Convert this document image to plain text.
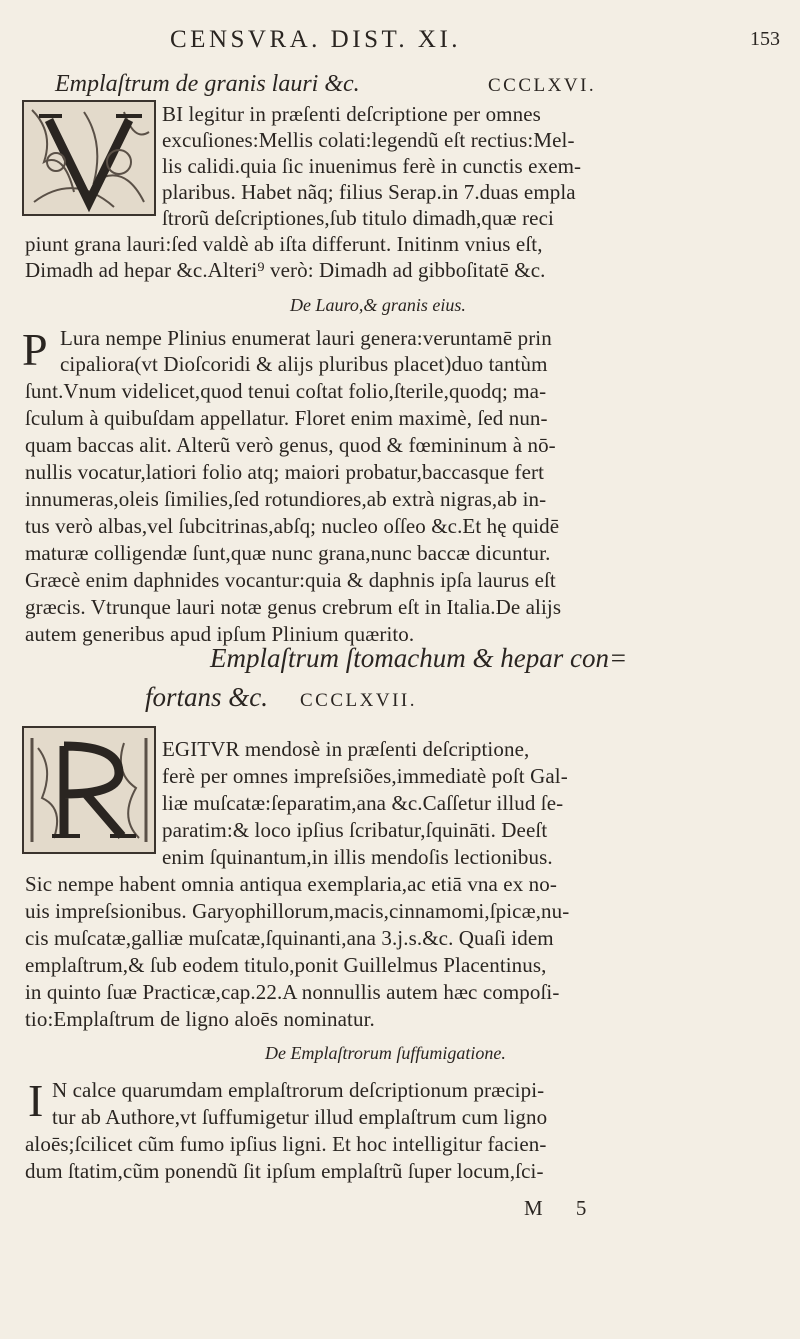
CENSVRA. DIST. XI.	153
Emplaſtrum de granis lauri &c.	CCCLXVI.
BI legitur in præſenti deſcriptione per omnes
excuſiones:Mellis colati:legendũ eſt rectius:Mel-
lis calidi.quia ſic inuenimus ferè in cunctis exem-
plaribus. Habet nãq; filius Serap.in 7.duas empla
ſtrorũ deſcriptiones,ſub titulo dimadh,quæ reci
piunt grana lauri:ſed valdè ab iſta differunt. Initinm vnius eſt,
Dimadh ad hepar &c.Alteri⁹ verò: Dimadh ad gibboſitatē &c.
De Lauro,& granis eius.
P Lura nempe Plinius enumerat lauri genera:veruntamē prin
cipaliora(vt Dioſcoridi & alijs pluribus placet)duo tantùm
ſunt.Vnum videlicet,quod tenui coſtat folio,ſterile,quodq; ma-
ſculum à quibuſdam appellatur. Floret enim maximè, ſed nun-
quam baccas alit. Alterũ verò genus, quod & fœmininum à nō-
nullis vocatur,latiori folio atq; maiori probatur,baccasque fert
innumeras,oleis ſimilies,ſed rotundiores,ab extrà nigras,ab in-
tus verò albas,vel ſubcitrinas,abſq; nucleo oſſeo &c.Et hę quidē
maturæ colligendæ ſunt,quæ nunc grana,nunc baccæ dicuntur.
Græcè enim daphnides vocantur:quia & daphnis ipſa laurus eſt
græcis. Vtrunque lauri notæ genus crebrum eſt in Italia.De alijs
autem generibus apud ipſum Plinium quærito.
Emplaſtrum ſtomachum & hepar con=
fortans &c. CCCLXVII.
EGITVR mendosè in præſenti deſcriptione,
ferè per omnes impreſsiões,immediatè poſt Gal-
liæ muſcatæ:ſeparatim,ana &c.Caſſetur illud ſe-
paratim:& loco ipſius ſcribatur,ſquināti. Deeſt
enim ſquinantum,in illis mendoſis lectionibus.
Sic nempe habent omnia antiqua exemplaria,ac etiā vna ex no-
uis impreſsionibus. Garyophillorum,macis,cinnamomi,ſpicæ,nu-
cis muſcatæ,galliæ muſcatæ,ſquinanti,ana 3.j.s.&c. Quaſi idem
emplaſtrum,& ſub eodem titulo,ponit Guillelmus Placentinus,
in quinto ſuæ Practicæ,cap.22.A nonnullis autem hæc compoſi-
tio:Emplaſtrum de ligno aloēs nominatur.
De Emplaſtrorum ſuffumigatione.
I N calce quarumdam emplaſtrorum deſcriptionum præcipi-
tur ab Authore,vt ſuffumigetur illud emplaſtrum cum ligno
aloēs;ſcilicet cũm fumo ipſius ligni. Et hoc intelligitur facien-
dum ſtatim,cũm ponendũ ſit ipſum emplaſtrũ ſuper locum,ſci-
M 5
